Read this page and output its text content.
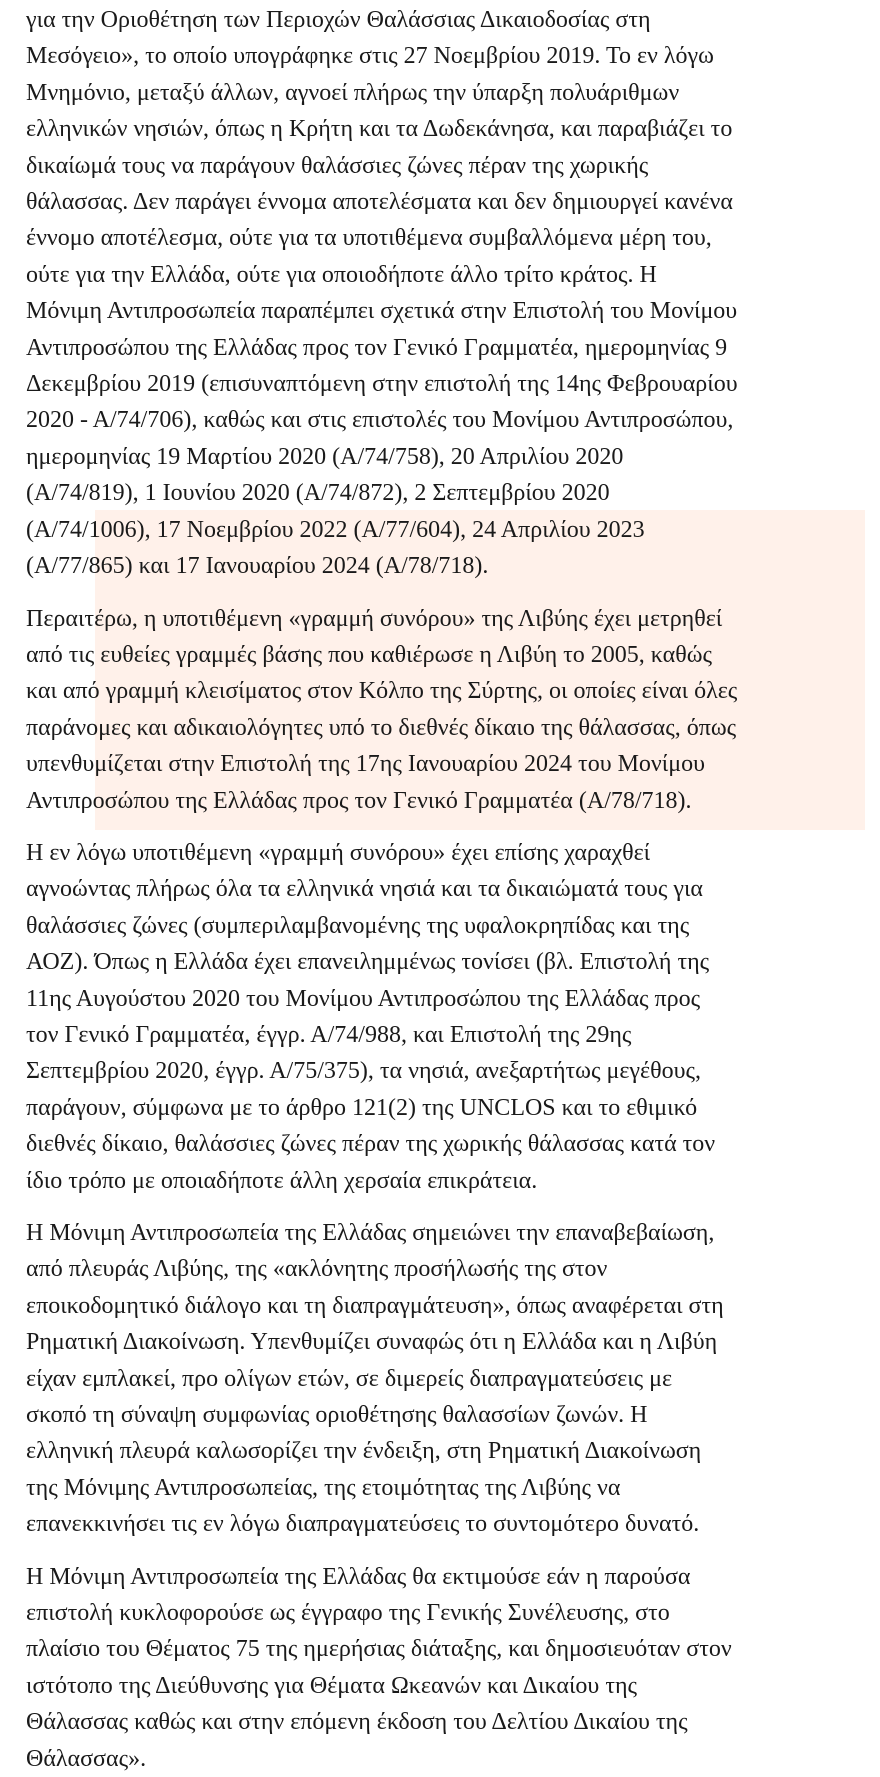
για την Οριοθέτηση των Περιοχών Θαλάσσιας Δικαιοδοσίας στη
Μεσόγειο», το οποίο υπογράφηκε στις 27 Νοεμβρίου 2019. Το εν λόγω
Μνημόνιο, μεταξύ άλλων, αγνοεί πλήρως την ύπαρξη πολυάριθμων
ελληνικών νησιών, όπως η Κρήτη και τα Δωδεκάνησα, και παραβιάζει το
δικαίωμά τους να παράγουν θαλάσσιες ζώνες πέραν της χωρικής
θάλασσας. Δεν παράγει έννομα αποτελέσματα και δεν δημιουργεί κανένα
έννομο αποτέλεσμα, ούτε για τα υποτιθέμενα συμβαλλόμενα μέρη του,
ούτε για την Ελλάδα, ούτε για οποιοδήποτε άλλο τρίτο κράτος. Η
Μόνιμη Αντιπροσωπεία παραπέμπει σχετικά στην Επιστολή του Μονίμου
Αντιπροσώπου της Ελλάδας προς τον Γενικό Γραμματέα, ημερομηνίας 9
Δεκεμβρίου 2019 (επισυναπτόμενη στην επιστολή της 14ης Φεβρουαρίου
2020 - Α/74/706), καθώς και στις επιστολές του Μονίμου Αντιπροσώπου,
ημερομηνίας 19 Μαρτίου 2020 (Α/74/758), 20 Απριλίου 2020
(Α/74/819), 1 Ιουνίου 2020 (Α/74/872), 2 Σεπτεμβρίου 2020
(Α/74/1006), 17 Νοεμβρίου 2022 (Α/77/604), 24 Απριλίου 2023
(Α/77/865) και 17 Ιανουαρίου 2024 (Α/78/718).

Περαιτέρω, η υποτιθέμενη «γραμμή συνόρου» της Λιβύης έχει μετρηθεί
από τις ευθείες γραμμές βάσης που καθιέρωσε η Λιβύη το 2005, καθώς
και από γραμμή κλεισίματος στον Κόλπο της Σύρτης, οι οποίες είναι όλες
παράνομες και αδικαιολόγητες υπό το διεθνές δίκαιο της θάλασσας, όπως
υπενθυμίζεται στην Επιστολή της 17ης Ιανουαρίου 2024 του Μονίμου
Αντιπροσώπου της Ελλάδας προς τον Γενικό Γραμματέα (Α/78/718).

Η εν λόγω υποτιθέμενη «γραμμή συνόρου» έχει επίσης χαραχθεί
αγνοώντας πλήρως όλα τα ελληνικά νησιά και τα δικαιώματά τους για
θαλάσσιες ζώνες (συμπεριλαμβανομένης της υφαλοκρηπίδας και της
ΑΟΖ). Όπως η Ελλάδα έχει επανειλημμένως τονίσει (βλ. Επιστολή της
11ης Αυγούστου 2020 του Μονίμου Αντιπροσώπου της Ελλάδας προς
τον Γενικό Γραμματέα, έγγρ. Α/74/988, και Επιστολή της 29ης
Σεπτεμβρίου 2020, έγγρ. Α/75/375), τα νησιά, ανεξαρτήτως μεγέθους,
παράγουν, σύμφωνα με το άρθρο 121(2) της UNCLOS και το εθιμικό
διεθνές δίκαιο, θαλάσσιες ζώνες πέραν της χωρικής θάλασσας κατά τον
ίδιο τρόπο με οποιαδήποτε άλλη χερσαία επικράτεια.

Η Μόνιμη Αντιπροσωπεία της Ελλάδας σημειώνει την επαναβεβαίωση,
από πλευράς Λιβύης, της «ακλόνητης προσήλωσής της στον
εποικοδομητικό διάλογο και τη διαπραγμάτευση», όπως αναφέρεται στη
Ρηματική Διακοίνωση. Υπενθυμίζει συναφώς ότι η Ελλάδα και η Λιβύη
είχαν εμπλακεί, προ ολίγων ετών, σε διμερείς διαπραγματεύσεις με
σκοπό τη σύναψη συμφωνίας οριοθέτησης θαλασσίων ζωνών. Η
ελληνική πλευρά καλωσορίζει την ένδειξη, στη Ρηματική Διακοίνωση
της Μόνιμης Αντιπροσωπείας, της ετοιμότητας της Λιβύης να
επανεκκινήσει τις εν λόγω διαπραγματεύσεις το συντομότερο δυνατό.

Η Μόνιμη Αντιπροσωπεία της Ελλάδας θα εκτιμούσε εάν η παρούσα
επιστολή κυκλοφορούσε ως έγγραφο της Γενικής Συνέλευσης, στο
πλαίσιο του Θέματος 75 της ημερήσιας διάταξης, και δημοσιευόταν στον
ιστότοπο της Διεύθυνσης για Θέματα Ωκεανών και Δικαίου της
Θάλασσας καθώς και στην επόμενη έκδοση του Δελτίου Δικαίου της
Θάλασσας».
